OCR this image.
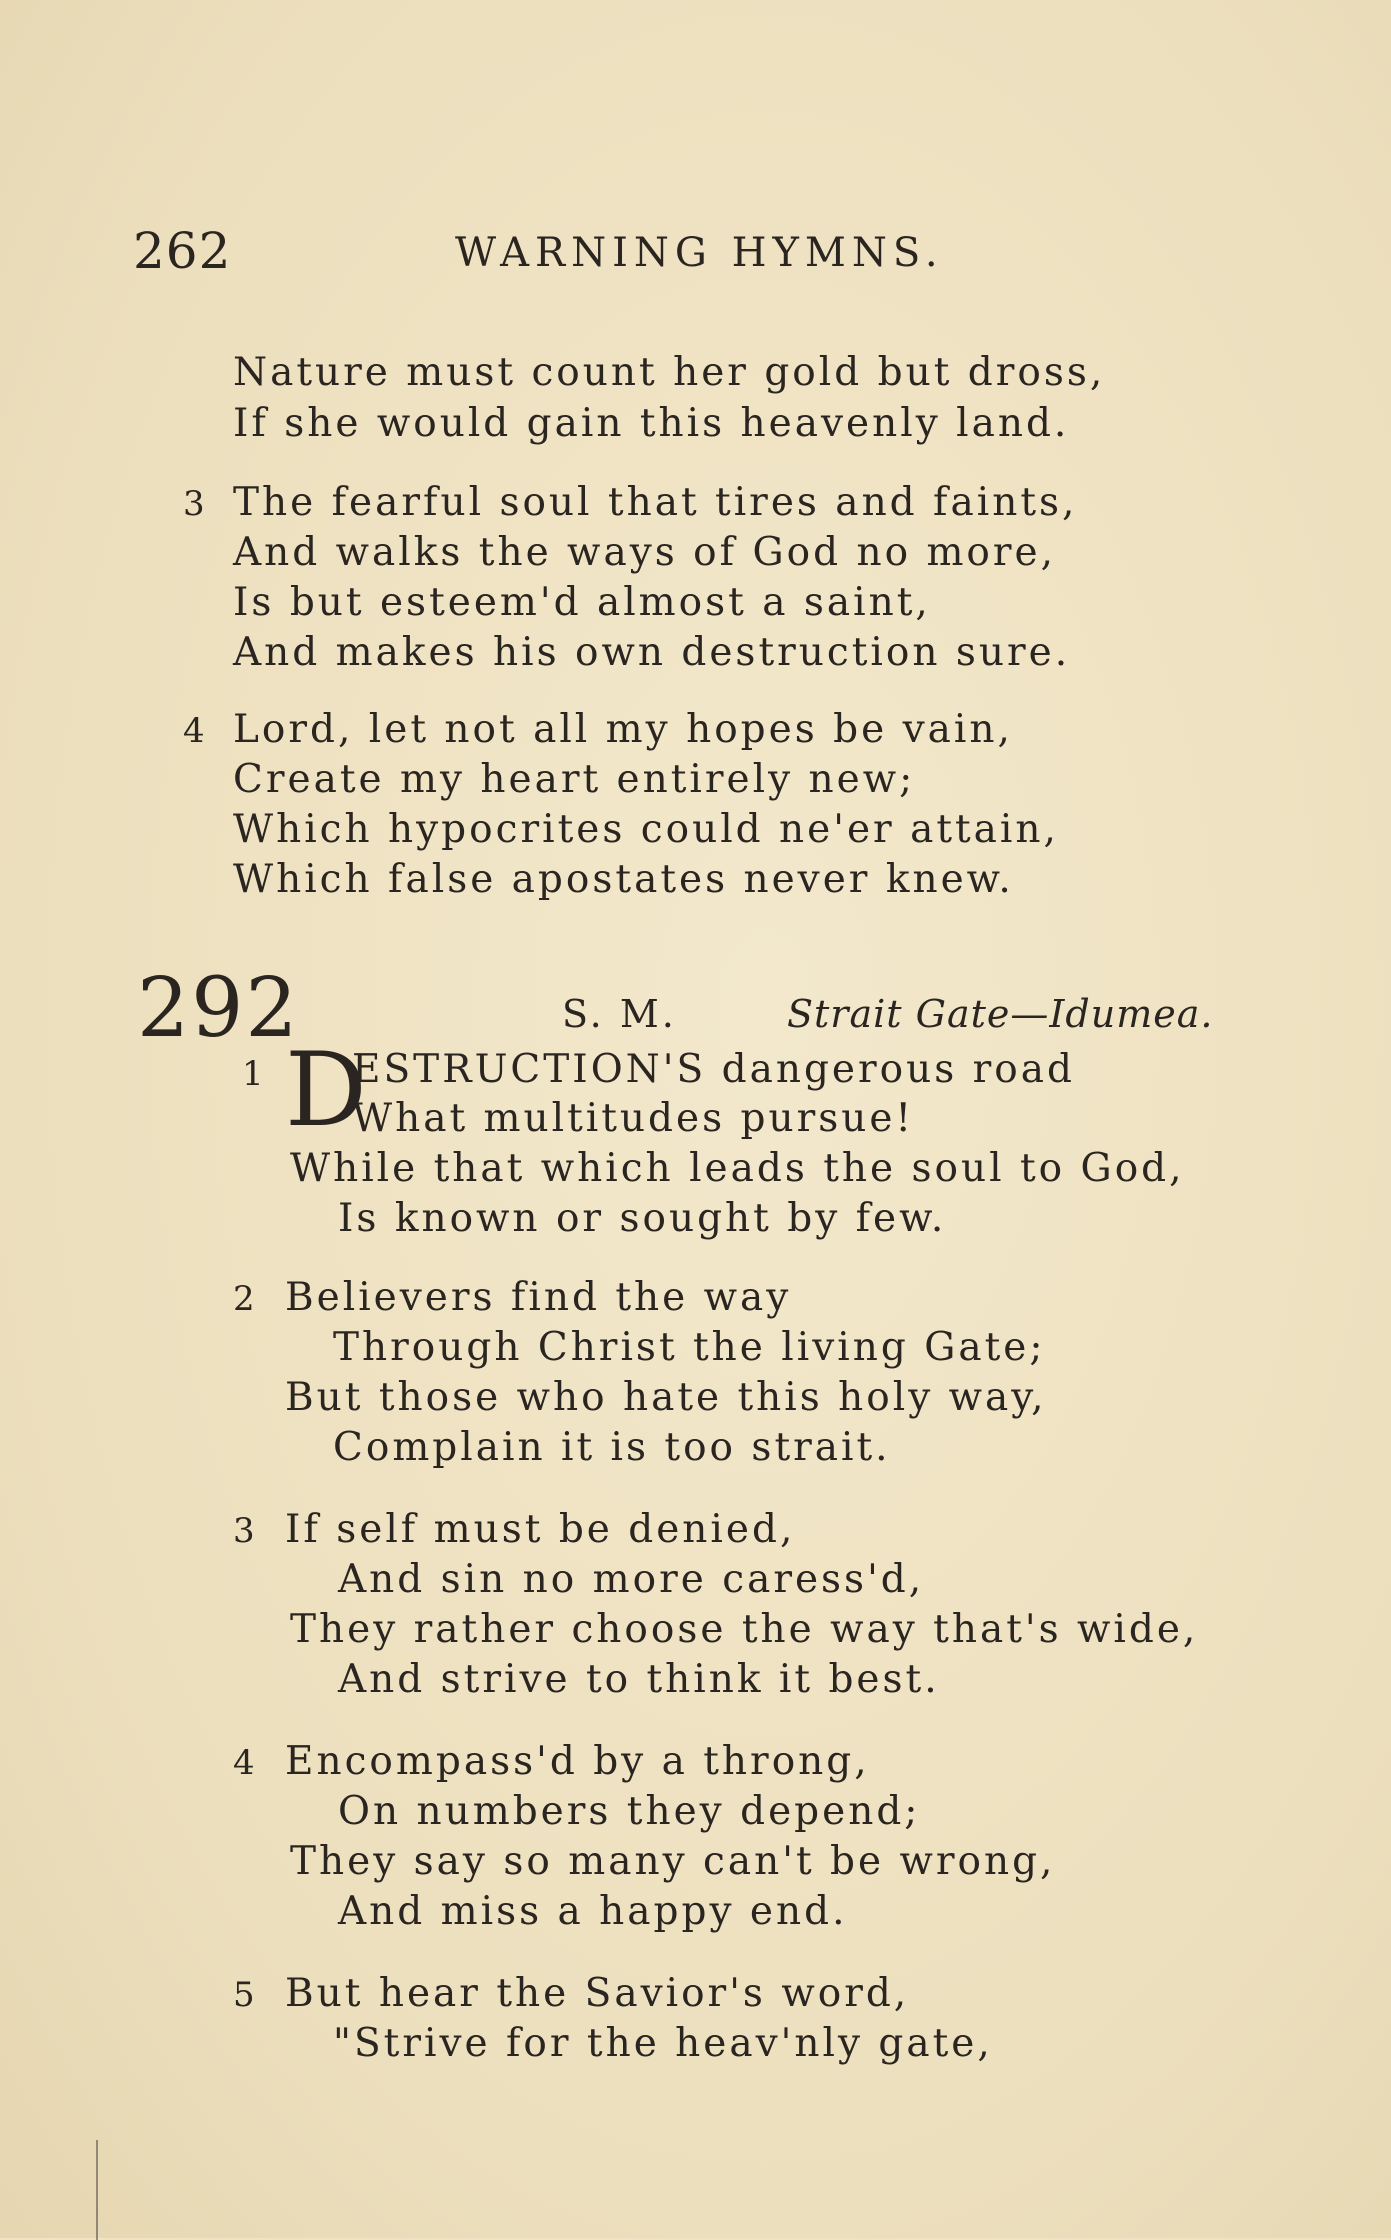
262	WARNING HYMNS.
Nature must count her gold but dross,
If she would gain this heavenly land.
3 The fearful soul that tires and faints,
And walks the ways of God no more,
Is but esteem'd almost a saint,
And makes his own destruction sure.
4 Lord, let not all my hopes be vain,
Create my heart entirely new;
Which hypocrites could ne'er attain,
Which false apostates never knew.
292	S. M.	Strait Gate—Idumea.
1 D
ESTRUCTION'S dangerous road
What multitudes pursue!
While that which leads the soul to God,
Is known or sought by few.
2 Believers find the way
Through Christ the living Gate;
But those who hate this holy way,
Complain it is too strait.
3 If self must be denied,
And sin no more caress'd,
They rather choose the way that's wide,
And strive to think it best.
4 Encompass'd by a throng,
On numbers they depend;
They say so many can't be wrong,
And miss a happy end.
5 But hear the Savior's word,
"Strive for the heav'nly gate,
